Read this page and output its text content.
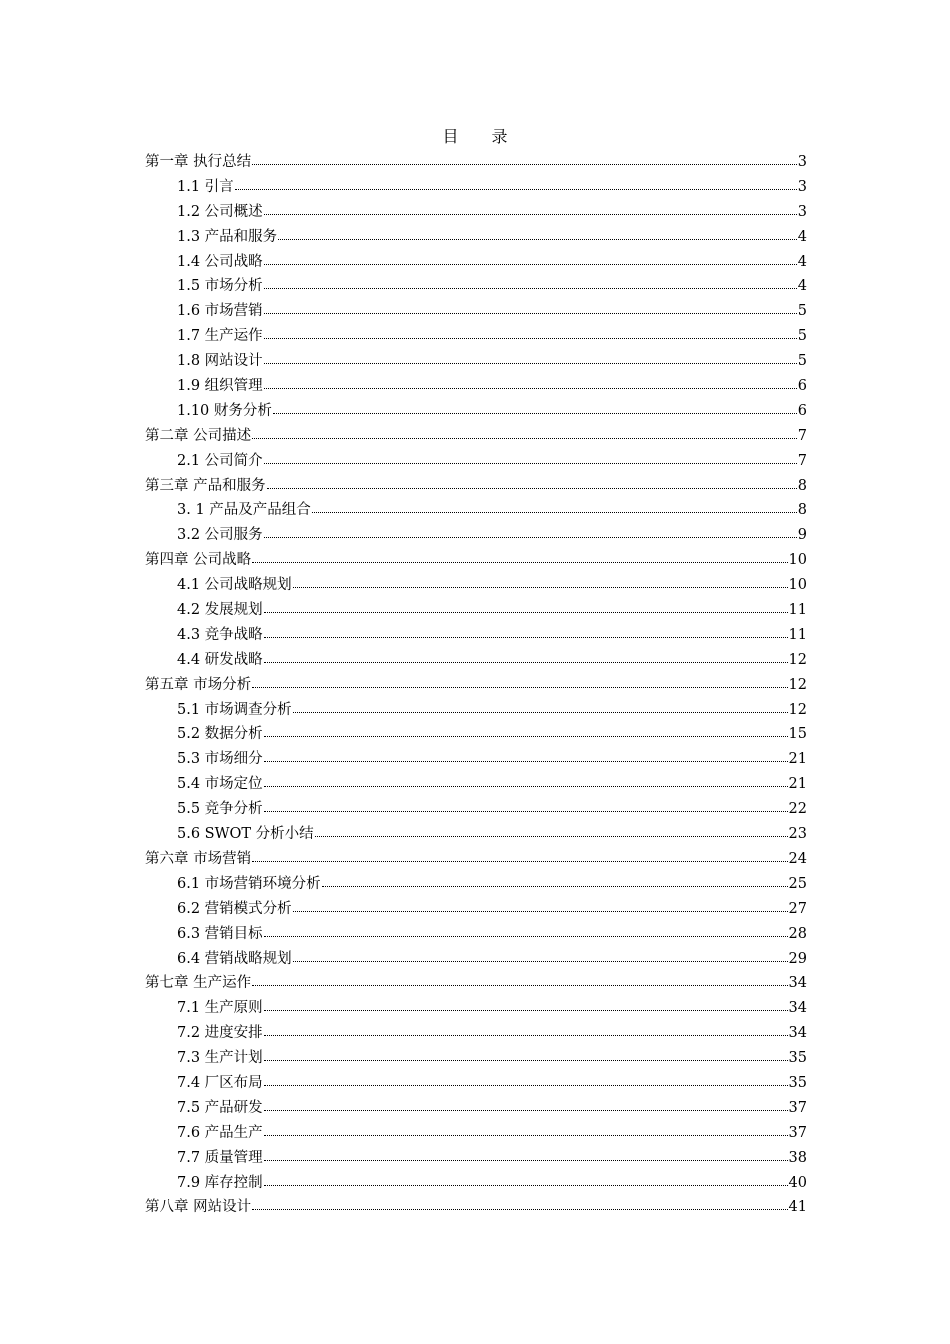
目 录
第一章 执行总结	3
1.1 引言	3
1.2 公司概述	3
1.3 产品和服务	4
1.4 公司战略	4
1.5 市场分析	4
1.6 市场营销	5
1.7 生产运作	5
1.8 网站设计	5
1.9 组织管理	6
1.10 财务分析	6
第二章 公司描述	7
2.1 公司简介	7
第三章 产品和服务	8
3. 1 产品及产品组合	8
3.2 公司服务	9
第四章 公司战略	10
4.1 公司战略规划	10
4.2 发展规划	11
4.3 竞争战略	11
4.4 研发战略	12
第五章 市场分析	12
5.1 市场调查分析	12
5.2 数据分析	15
5.3 市场细分	21
5.4 市场定位	21
5.5 竞争分析	22
5.6 SWOT 分析小结	23
第六章 市场营销	24
6.1 市场营销环境分析	25
6.2 营销模式分析	27
6.3 营销目标	28
6.4 营销战略规划	29
第七章 生产运作	34
7.1 生产原则	34
7.2 进度安排	34
7.3 生产计划	35
7.4 厂区布局	35
7.5 产品研发	37
7.6 产品生产	37
7.7 质量管理	38
7.9 库存控制	40
第八章 网站设计	41
